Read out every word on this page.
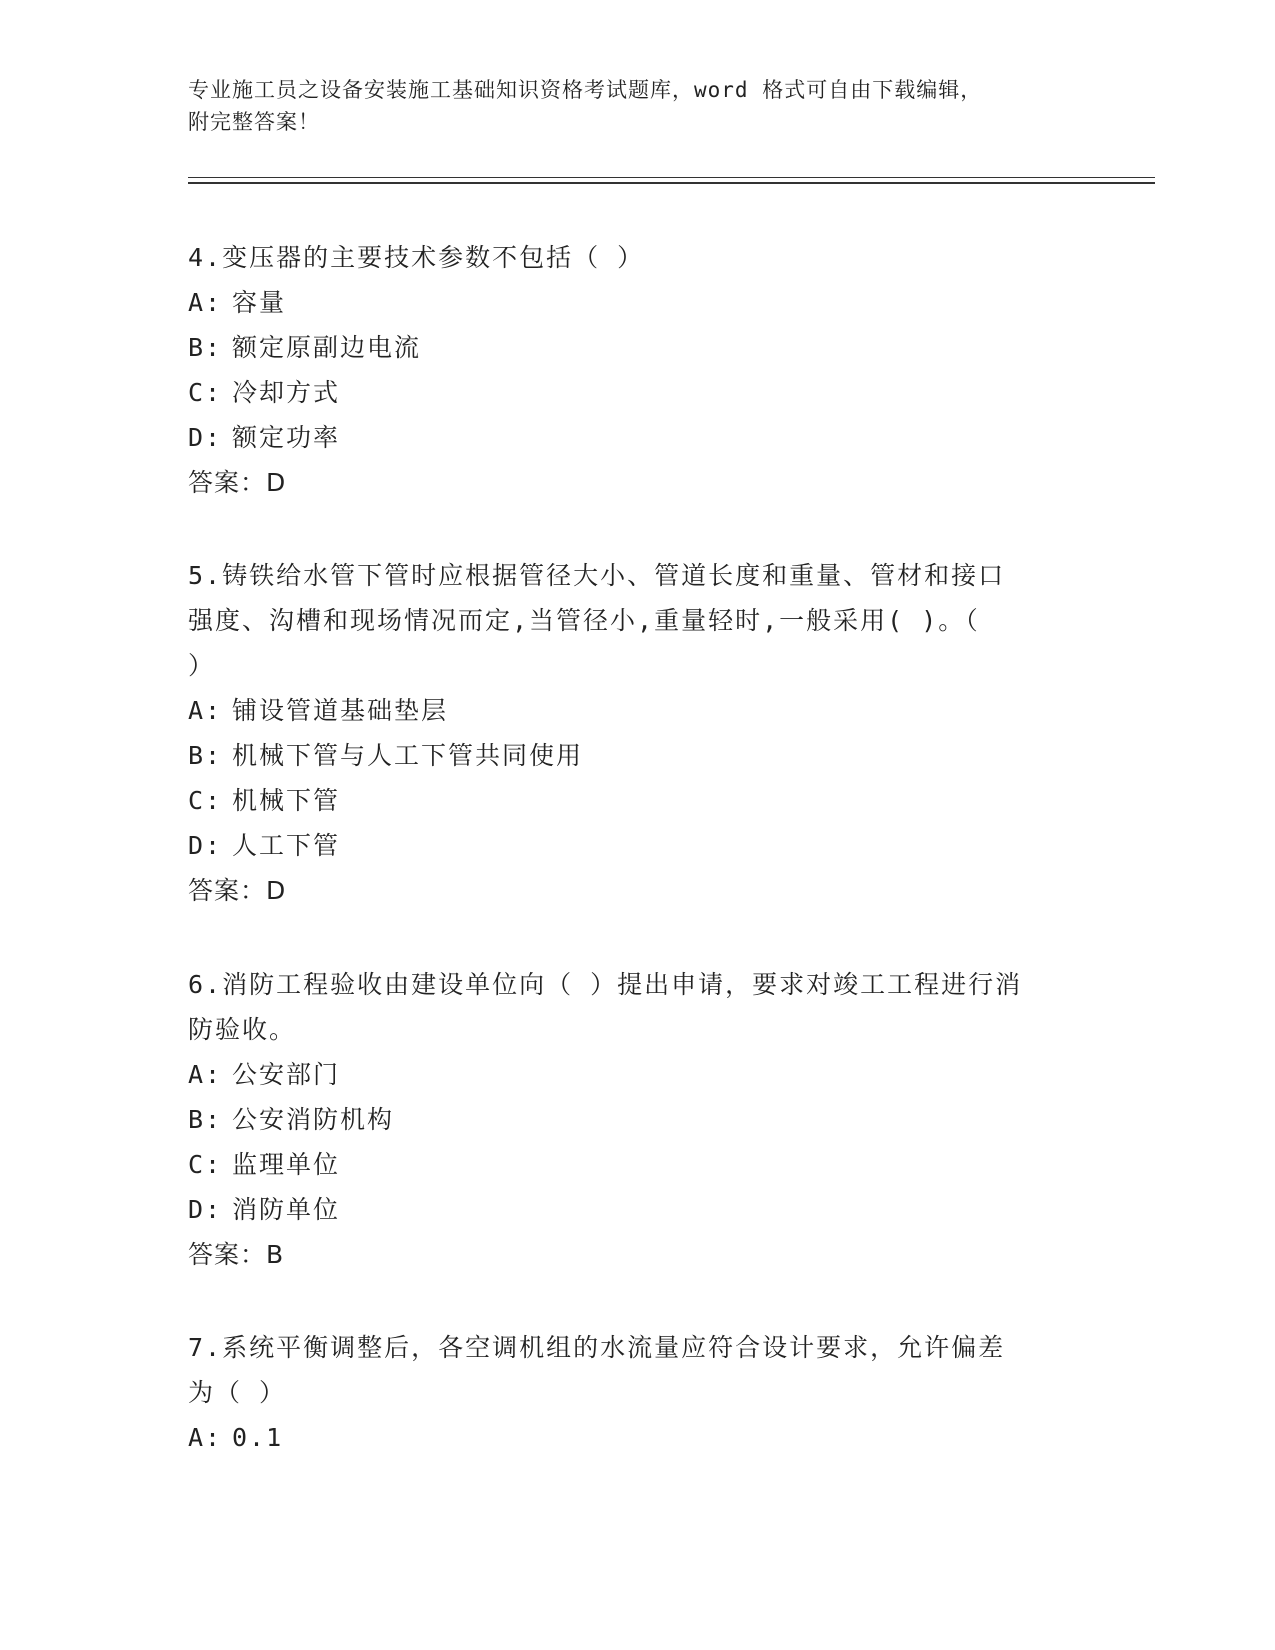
专业施工员之设备安装施工基础知识资格考试题库，word 格式可自由下载编辑，
附完整答案！

4.变压器的主要技术参数不包括（ ）

A: 容量

B: 额定原副边电流

C: 冷却方式

D: 额定功率

答案：D

5.铸铁给水管下管时应根据管径大小、管道长度和重量、管材和接口

强度、沟槽和现场情况而定,当管径小,重量轻时,一般采用( )。（

）

A: 铺设管道基础垫层

B: 机械下管与人工下管共同使用

C: 机械下管

D: 人工下管

答案：D

6.消防工程验收由建设单位向（ ）提出申请，要求对竣工工程进行消

防验收。

A: 公安部门

B: 公安消防机构

C: 监理单位

D: 消防单位

答案：B

7.系统平衡调整后，各空调机组的水流量应符合设计要求，允许偏差

为（ ）

A: 0.1
